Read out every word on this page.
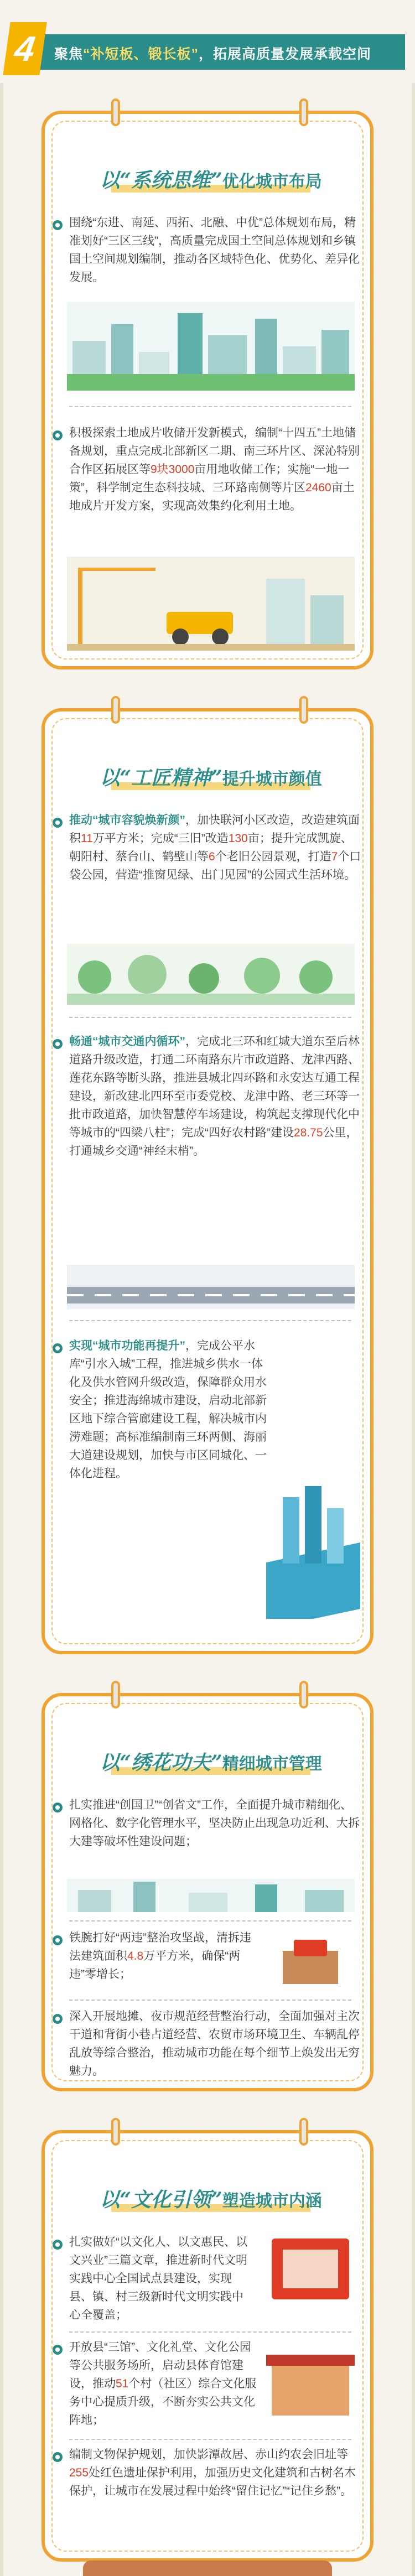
4	聚焦“补短板、锻长板”，拓展高质量发展承载空间
以“系统思维”优化城市布局
围绕“东进、南延、西拓、北融、中优”总体规划布局，精准划好“三区三线”，高质量完成国土空间总体规划和乡镇国土空间规划编制，推动各区域特色化、优势化、差异化发展。
积极探索土地成片收储开发新模式，编制“十四五”土地储备规划，重点完成北部新区二期、南三环片区、深沁特别合作区拓展区等9块3000亩用地收储工作；实施“一地一策”，科学制定生态科技城、三环路南侧等片区2460亩土地成片开发方案，实现高效集约化利用土地。
以“工匠精神”提升城市颜值
推动“城市容貌焕新颜”，加快联河小区改造，改造建筑面积11万平方米；完成“三旧”改造130亩；提升完成凯旋、朝阳村、蔡台山、鹤壁山等6个老旧公园景观，打造7个口袋公园，营造“推窗见绿、出门见园”的公园式生活环境。
畅通“城市交通内循环”，完成北三环和红城大道东至后林道路升级改造，打通二环南路东片市政道路、龙津西路、莲花东路等断头路，推进县城北四环路和永安达互通工程建设，新改建北四环至市委党校、龙津中路、老三环等一批市政道路，加快智慧停车场建设，构筑起支撑现代化中等城市的“四梁八柱”；完成“四好农村路”建设28.75公里，打通城乡交通“神经末梢”。
实现“城市功能再提升”，完成公平水库“引水入城”工程，推进城乡供水一体化及供水管网升级改造，保障群众用水安全；推进海绵城市建设，启动北部新区地下综合管廊建设工程，解决城市内涝难题；高标准编制南三环两侧、海丽大道建设规划，加快与市区同城化、一体化进程。
以“绣花功夫”精细城市管理
扎实推进“创国卫”“创省文”工作，全面提升城市精细化、网格化、数字化管理水平，坚决防止出现急功近利、大拆大建等破坏性建设问题；
铁腕打好“两违”整治攻坚战，清拆违法建筑面积4.8万平方米，确保“两违”零增长；
深入开展地摊、夜市规范经营整治行动，全面加强对主次干道和背街小巷占道经营、农贸市场环境卫生、车辆乱停乱放等综合整治，推动城市功能在每个细节上焕发出无穷魅力。
以“文化引领”塑造城市内涵
扎实做好“以文化人、以文惠民、以文兴业”三篇文章，推进新时代文明实践中心全国试点县建设，实现县、镇、村三级新时代文明实践中心全覆盖；
开放县“三馆”、文化礼堂、文化公园等公共服务场所，启动县体育馆建设，推动51个村（社区）综合文化服务中心提质升级，不断夯实公共文化阵地；
编制文物保护规划，加快影潭故居、赤山约农会旧址等255处红色遗址保护利用，加强历史文化建筑和古树名木保护，让城市在发展过程中始终“留住记忆”“记住乡愁”。
